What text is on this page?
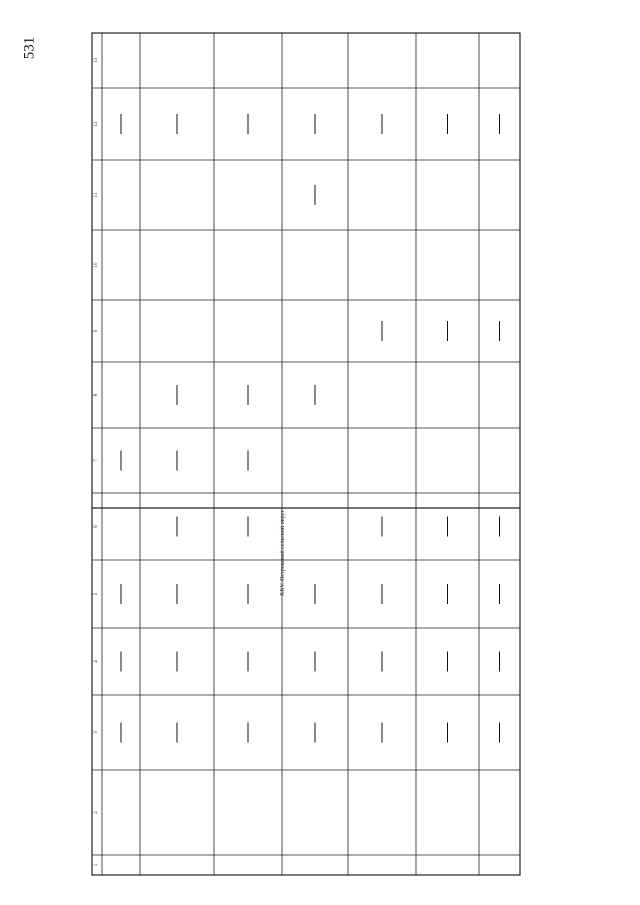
531
XXV. Петровский сельский округ
1
2
3
4
5
6
7
8
9
10
11
12
13
